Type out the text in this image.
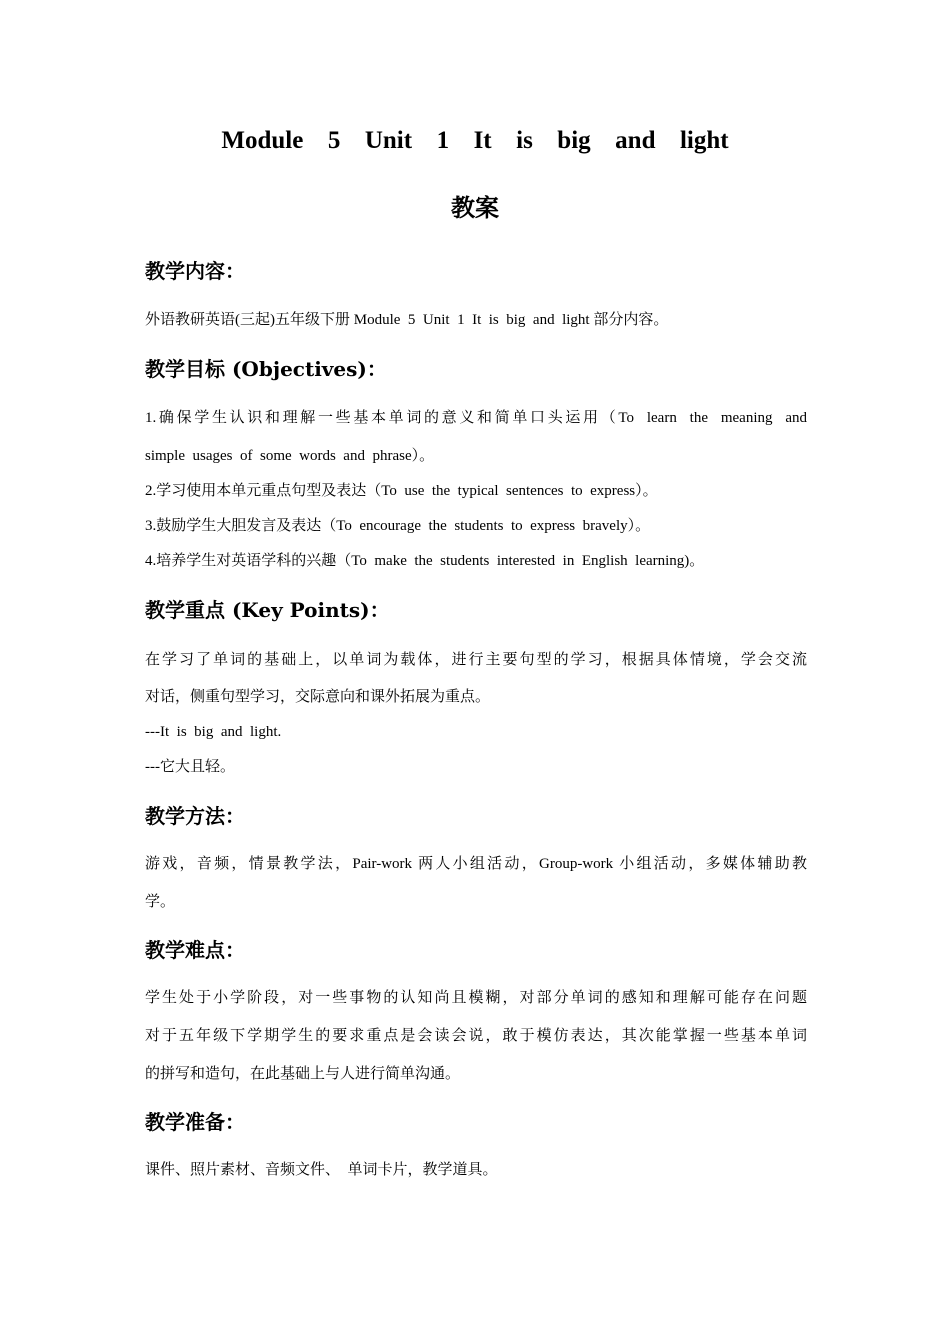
Module  5  Unit  1  It  is  big  and  light
教案
教学内容：
外语教研英语(三起)五年级下册 Module  5  Unit  1  It  is  big  and  light 部分内容。
教学目标 (Objectives)：
1.确保学生认识和理解一些基本单词的意义和简单口头运用（To  learn  the  meaning  and
simple  usages  of  some  words  and  phrase）。
2.学习使用本单元重点句型及表达（To  use  the  typical  sentences  to  express）。
3.鼓励学生大胆发言及表达（To  encourage  the  students  to  express  bravely）。
4.培养学生对英语学科的兴趣（To  make  the  students  interested  in  English  learning)。
教学重点 (Key Points)：
在学习了单词的基础上，以单词为载体，进行主要句型的学习，根据具体情境，学会交流
对话，侧重句型学习，交际意向和课外拓展为重点。
---It  is  big  and  light.
---它大且轻。
教学方法：
游戏，音频，情景教学法，Pair-work 两人小组活动，Group-work 小组活动，多媒体辅助教
学。
教学难点：
学生处于小学阶段，对一些事物的认知尚且模糊，对部分单词的感知和理解可能存在问题
对于五年级下学期学生的要求重点是会读会说，敢于模仿表达，其次能掌握一些基本单词
的拼写和造句，在此基础上与人进行简单沟通。
教学准备：
课件、照片素材、音频文件、  单词卡片，教学道具。
